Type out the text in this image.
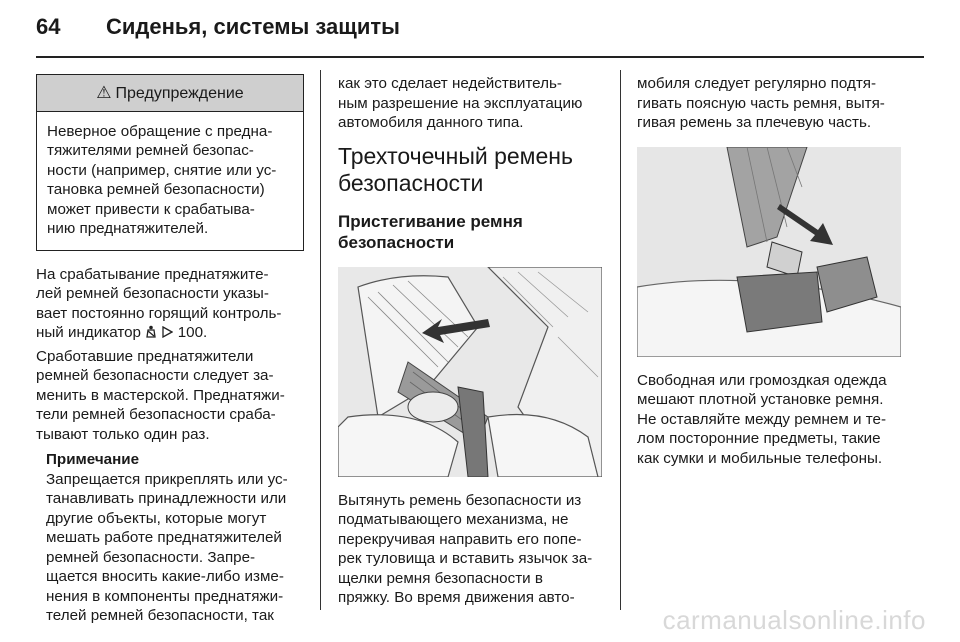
64 Сиденья, системы защиты
⚠ Предупреждение
Неверное обращение с предна-
тяжителями ремней безопас-
ности (например, снятие или ус-
тановка ремней безопасности)
может привести к срабатыва-
нию преднатяжителей.

На срабатывание преднатяжите-
лей ремней безопасности указы-
вает постоянно горящий контроль-
ный индикатор 100.

Сработавшие преднатяжители
ремней безопасности следует за-
менить в мастерской. Преднатяжи-
тели ремней безопасности сраба-
тывают только один раз.

Примечание
Запрещается прикреплять или ус-
танавливать принадлежности или
другие объекты, которые могут
мешать работе преднатяжителей
ремней безопасности. Запре-
щается вносить какие-либо изме-
нения в компоненты преднатяжи-
телей ремней безопасности, так

как это сделает недействитель-
ным разрешение на эксплуатацию
автомобиля данного типа.

Трехточечный ремень
безопасности
Пристегивание ремня
безопасности

Вытянуть ремень безопасности из
подматывающего механизма, не
перекручивая направить его попе-
рек туловища и вставить язычок за-
щелки ремня безопасности в
пряжку. Во время движения авто-

мобиля следует регулярно подтя-
гивать поясную часть ремня, вытя-
гивая ремень за плечевую часть.

Свободная или громоздкая одежда
мешают плотной установке ремня.
Не оставляйте между ремнем и те-
лом посторонние предметы, такие
как сумки и мобильные телефоны.

carmanualsonline.info
